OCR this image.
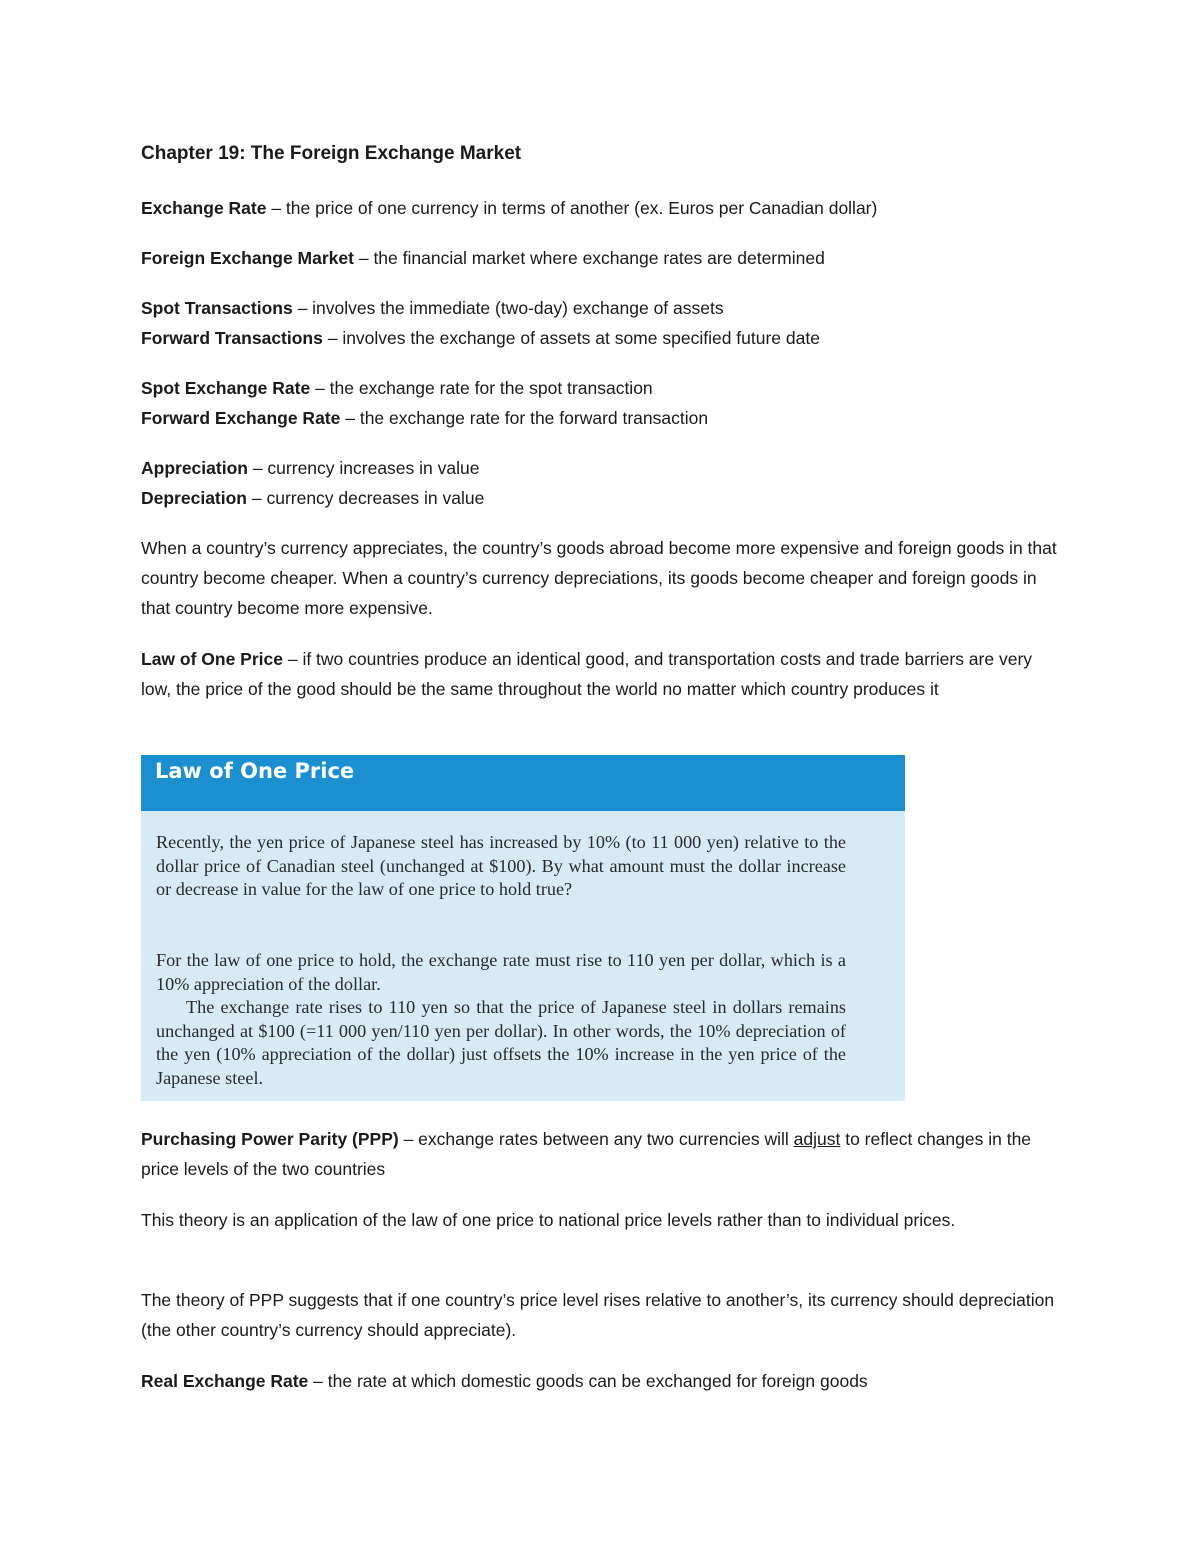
Chapter 19: The Foreign Exchange Market
Exchange Rate – the price of one currency in terms of another (ex. Euros per Canadian dollar)
Foreign Exchange Market – the financial market where exchange rates are determined
Spot Transactions – involves the immediate (two-day) exchange of assets
Forward Transactions – involves the exchange of assets at some specified future date
Spot Exchange Rate – the exchange rate for the spot transaction
Forward Exchange Rate – the exchange rate for the forward transaction
Appreciation – currency increases in value
Depreciation – currency decreases in value
When a country’s currency appreciates, the country’s goods abroad become more expensive and foreign goods in that country become cheaper. When a country’s currency depreciations, its goods become cheaper and foreign goods in that country become more expensive.
Law of One Price – if two countries produce an identical good, and transportation costs and trade barriers are very low, the price of the good should be the same throughout the world no matter which country produces it
Law of One Price
Recently, the yen price of Japanese steel has increased by 10% (to 11 000 yen) relative to the dollar price of Canadian steel (unchanged at $100). By what amount must the dollar increase or decrease in value for the law of one price to hold true?
For the law of one price to hold, the exchange rate must rise to 110 yen per dollar, which is a 10% appreciation of the dollar.
The exchange rate rises to 110 yen so that the price of Japanese steel in dollars remains unchanged at $100 (=11 000 yen/110 yen per dollar). In other words, the 10% depreciation of the yen (10% appreciation of the dollar) just offsets the 10% increase in the yen price of the Japanese steel.
Purchasing Power Parity (PPP) – exchange rates between any two currencies will adjust to reflect changes in the price levels of the two countries
This theory is an application of the law of one price to national price levels rather than to individual prices.
The theory of PPP suggests that if one country’s price level rises relative to another’s, its currency should depreciation (the other country’s currency should appreciate).
Real Exchange Rate – the rate at which domestic goods can be exchanged for foreign goods
